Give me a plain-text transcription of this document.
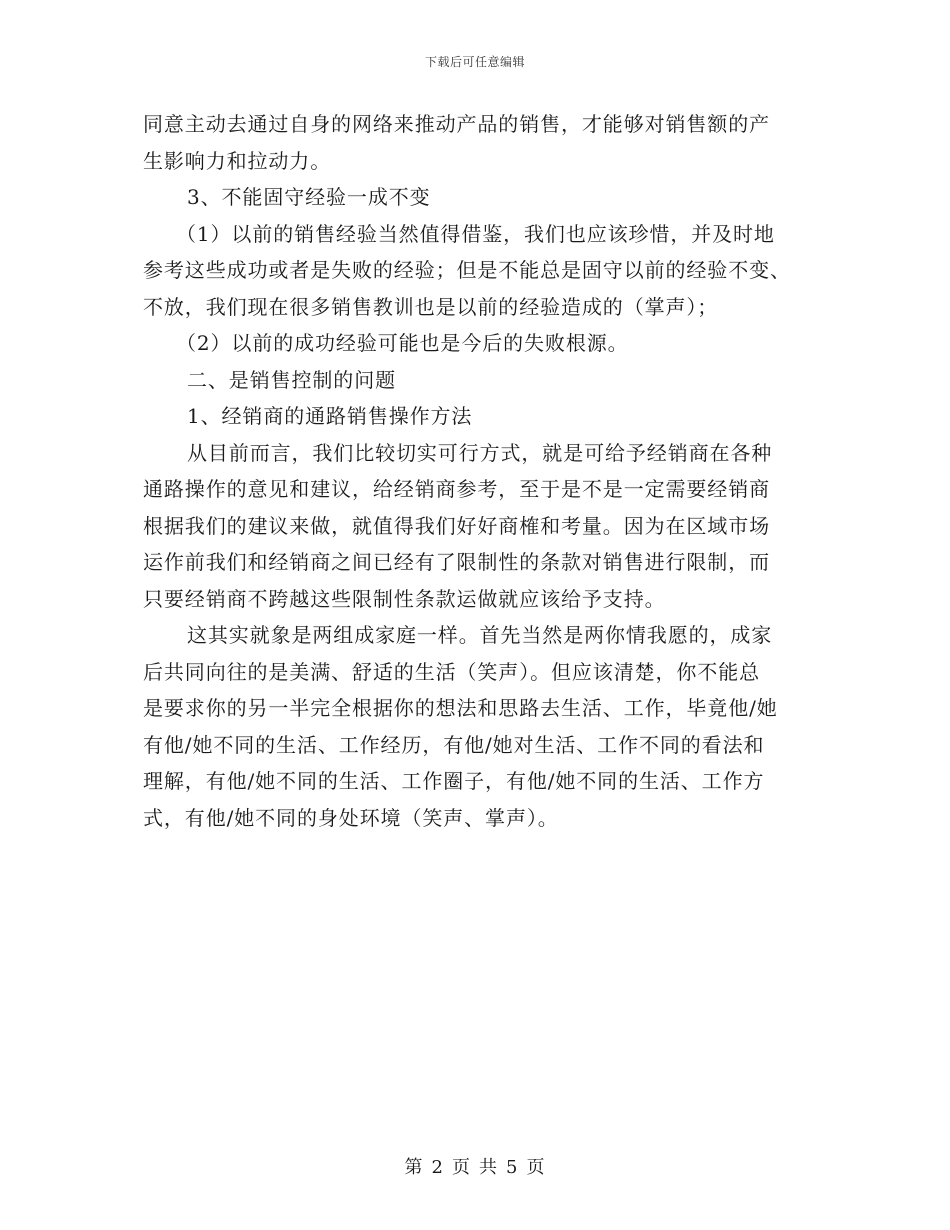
下载后可任意编辑
同意主动去通过自身的网络来推动产品的销售，才能够对销售额的产
生影响力和拉动力。
3、不能固守经验一成不变
（1）以前的销售经验当然值得借鉴，我们也应该珍惜，并及时地
参考这些成功或者是失败的经验；但是不能总是固守以前的经验不变、
不放，我们现在很多销售教训也是以前的经验造成的（掌声）；
（2）以前的成功经验可能也是今后的失败根源。
二、是销售控制的问题
1、经销商的通路销售操作方法
从目前而言，我们比较切实可行方式，就是可给予经销商在各种
通路操作的意见和建议，给经销商参考，至于是不是一定需要经销商
根据我们的建议来做，就值得我们好好商榷和考量。因为在区域市场
运作前我们和经销商之间已经有了限制性的条款对销售进行限制，而
只要经销商不跨越这些限制性条款运做就应该给予支持。
这其实就象是两组成家庭一样。首先当然是两你情我愿的，成家
后共同向往的是美满、舒适的生活（笑声）。但应该清楚，你不能总
是要求你的另一半完全根据你的想法和思路去生活、工作，毕竟他/她
有他/她不同的生活、工作经历，有他/她对生活、工作不同的看法和
理解，有他/她不同的生活、工作圈子，有他/她不同的生活、工作方
式，有他/她不同的身处环境（笑声、掌声）。
第 2 页 共 5 页
